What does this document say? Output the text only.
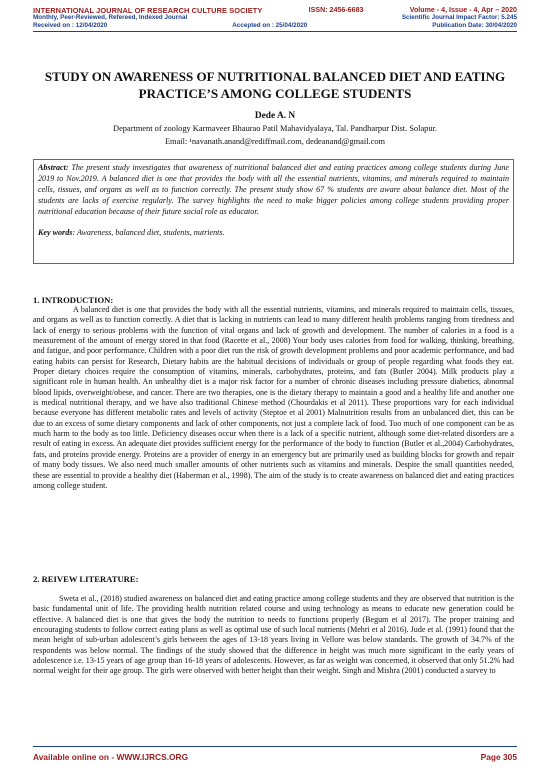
INTERNATIONAL JOURNAL OF RESEARCH CULTURE SOCIETY	ISSN: 2456-6683	Volume - 4, Issue - 4, Apr – 2020
Monthly, Peer-Reviewed, Refereed, Indexed Journal	Scientific Journal Impact Factor: 5.245
Received on : 12/04/2020	Accepted on : 25/04/2020	Publication Date: 30/04/2020
STUDY ON AWARENESS OF NUTRITIONAL BALANCED DIET AND EATING PRACTICE’S AMONG COLLEGE STUDENTS
Dede A. N
Department of zoology Karmaveer Bhaurao Patil Mahavidyalaya, Tal. Pandharpur Dist. Solapur.
Email: ¹navanath.anand@rediffmail.com, dedeanand@gmail.com
Abstract: The present study investigates that awareness of nutritional balanced diet and eating practices among college students during June 2019 to Nov.2019. A balanced diet is one that provides the body with all the essential nutrients, vitamins, and minerals required to maintain cells, tissues, and organs as well as to function correctly. The present study show 67 % students are aware about balance diet. Most of the students are lacks of exercise regularly. The survey highlights the need to make bigger policies among college students providing proper nutritional education because of their future social role as educator.
Key words: Awareness, balanced diet, students, nutrients.
1. INTRODUCTION:
A balanced diet is one that provides the body with all the essential nutrients, vitamins, and minerals required to maintain cells, tissues, and organs as well as to function correctly. A diet that is lacking in nutrients can lead to many different health problems ranging from tiredness and lack of energy to serious problems with the function of vital organs and lack of growth and development. The number of calories in a food is a measurement of the amount of energy stored in that food (Racette et al., 2008) Your body uses calories from food for walking, thinking, breathing, and fatigue, and poor performance. Children with a poor diet run the risk of growth development problems and poor academic performance, and bad eating habits can persist for Research, Dietary habits are the habitual decisions of individuals or group of people regarding what foods they eat. Proper dietary choices require the consumption of vitamins, minerals, carbohydrates, proteins, and fats (Butler 2004). Milk products play a significant role in human health. An unhealthy diet is a major risk factor for a number of chronic diseases including pressure diabetics, abnormal blood lipids, overweight/obese, and cancer. There are two therapies, one is the dietary therapy to maintain a good and a healthy life and another one is medical nutritional therapy, and we have also traditional Chinese method (Chourdakis et al 2011). These proportions vary for each individual because everyone has different metabolic rates and levels of activity (Steptoe et al 2001) Malnutrition results from an unbalanced diet, this can be due to an excess of some dietary components and lack of other components, not just a complete lack of food. Too much of one component can be as much harm to the body as too little. Deficiency diseases occur when there is a lack of a specific nutrient, although some diet-related disorders are a result of eating in excess. An adequate diet provides sufficient energy for the performance of the body to function (Butler et al.,2004) Carbohydrates, fats, and proteins provide energy. Proteins are a provider of energy in an emergency but are primarily used as building blocks for growth and repair of many body tissues. We also need much smaller amounts of other nutrients such as vitamins and minerals. Despite the small quantities needed, these are essential to provide a healthy diet (Haberman et al., 1998). The aim of the study is to create awareness on balanced diet and eating practices among college student.
2. REIVEW LITERATURE:
Sweta et al., (2018) studied awareness on balanced diet and eating practice among college students and they are observed that nutrition is the basic fundamental unit of life. The providing health nutrition related course and using technology as means to educate new generation could be effective. A balanced diet is one that gives the body the nutrition to needs to functions properly (Begum et al 2017). The proper training and encouraging students to follow correct eating plans as well as optimal use of such local nutrients (Mehri et al 2016). Jude et al. (1991) found that the mean height of sub-urban adolescent’s girls between the ages of 13-18 years living in Vellore was below standards. The growth of 34.7% of the respondents was below normal. The findings of the study showed that the difference in height was much more significant in the early years of adolescence i.e. 13-15 years of age group than 16-18 years of adolescents. However, as far as weight was concerned, it observed that only 51.2% had normal weight for their age group. The girls were observed with better height than their weight. Singh and Mishra (2001) conducted a survey to
Available online on - WWW.IJRCS.ORG	Page 305
